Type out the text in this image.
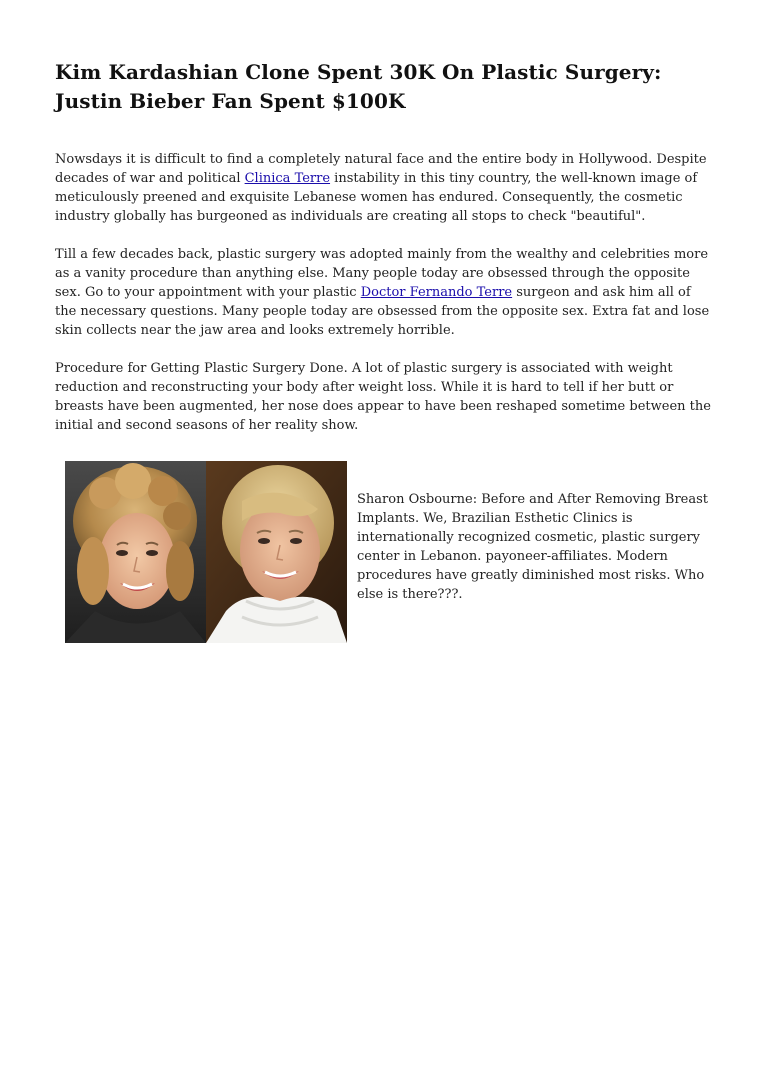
Kim Kardashian Clone Spent 30K On Plastic Surgery: Justin Bieber Fan Spent $100K

Nowsdays it is difficult to find a completely natural face and the entire body in Hollywood. Despite decades of war and political Clinica Terre instability in this tiny country, the well-known image of meticulously preened and exquisite Lebanese women has endured. Consequently, the cosmetic industry globally has burgeoned as individuals are creating all stops to check "beautiful".

Till a few decades back, plastic surgery was adopted mainly from the wealthy and celebrities more as a vanity procedure than anything else. Many people today are obsessed through the opposite sex. Go to your appointment with your plastic Doctor Fernando Terre surgeon and ask him all of the necessary questions. Many people today are obsessed from the opposite sex. Extra fat and lose skin collects near the jaw area and looks extremely horrible.

Procedure for Getting Plastic Surgery Done. A lot of plastic surgery is associated with weight reduction and reconstructing your body after weight loss. While it is hard to tell if her butt or breasts have been augmented, her nose does appear to have been reshaped sometime between the initial and second seasons of her reality show.

Sharon Osbourne: Before and After Removing Breast Implants. We, Brazilian Esthetic Clinics is internationally recognized cosmetic, plastic surgery center in Lebanon. payoneer-affiliates. Modern procedures have greatly diminished most risks. Who else is there???.
